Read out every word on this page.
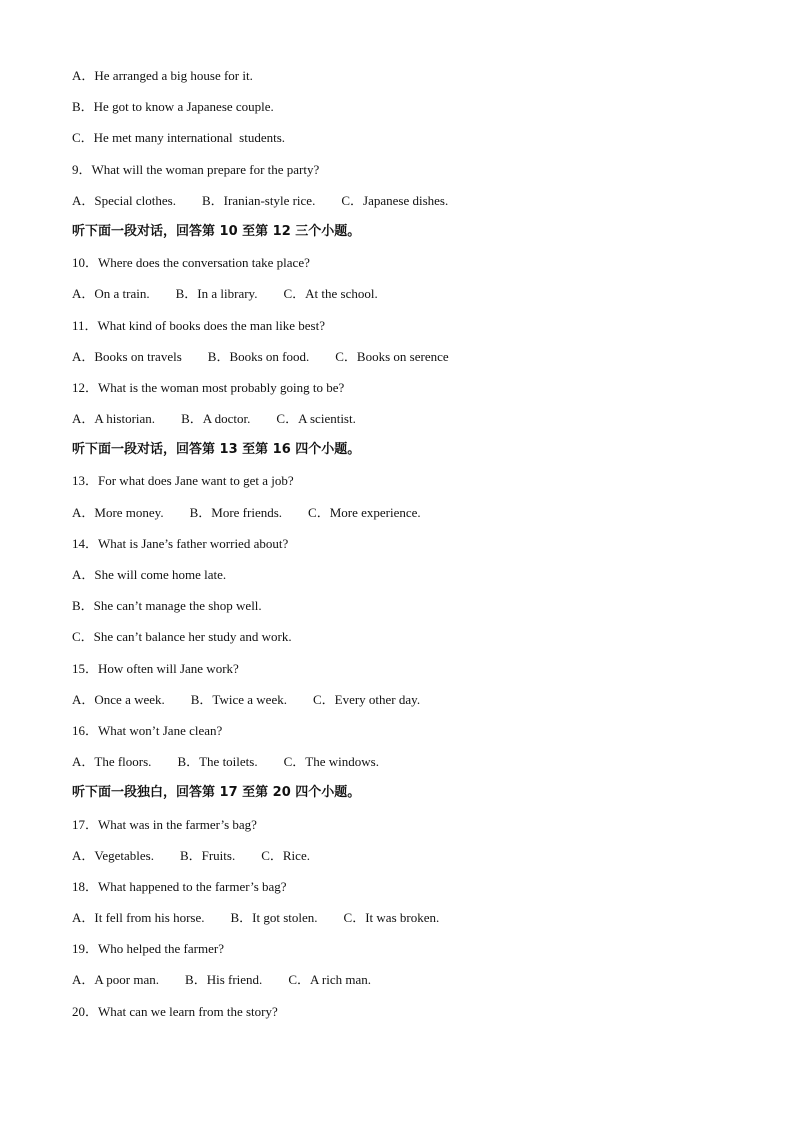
A．He arranged a big house for it.
B．He got to know a Japanese couple.
C．He met many international  students.
9．What will the woman prepare for the party?
A．Special clothes. B．Iranian-style rice. C．Japanese dishes.
听下面一段对话，回答第 10 至第 12 三个小题。
10．Where does the conversation take place?
A．On a train. B．In a library. C．At the school.
11．What kind of books does the man like best?
A．Books on travels B．Books on food. C．Books on serence
12．What is the woman most probably going to be?
A．A historian. B．A doctor. C．A scientist.
听下面一段对话，回答第 13 至第 16 四个小题。
13．For what does Jane want to get a job?
A．More money. B．More friends. C．More experience.
14．What is Jane’s father worried about?
A．She will come home late.
B．She can’t manage the shop well.
C．She can’t balance her study and work.
15．How often will Jane work?
A．Once a week. B．Twice a week. C．Every other day.
16．What won’t Jane clean?
A．The floors. B．The toilets. C．The windows.
听下面一段独白，回答第 17 至第 20 四个小题。
17．What was in the farmer’s bag?
A．Vegetables. B．Fruits. C．Rice.
18．What happened to the farmer’s bag?
A．It fell from his horse. B．It got stolen. C．It was broken.
19．Who helped the farmer?
A．A poor man. B．His friend. C．A rich man.
20．What can we learn from the story?
